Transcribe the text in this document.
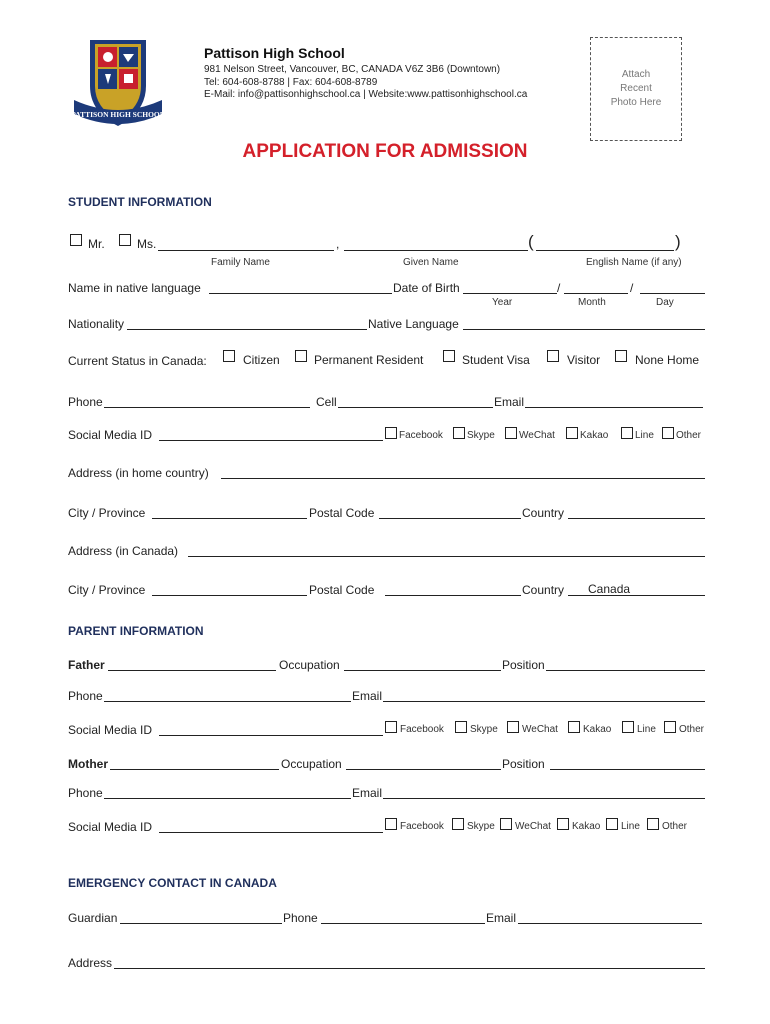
PATTISON HIGH SCHOOL
Pattison High School
981 Nelson Street, Vancouver, BC, CANADA V6Z 3B6 (Downtown)
Tel: 604-608-8788 | Fax: 604-608-8789
E-Mail: info@pattisonhighschool.ca | Website:www.pattisonhighschool.ca
Attach
Recent
Photo Here
APPLICATION FOR ADMISSION
STUDENT INFORMATION
Mr.	Ms.	,	(	)
Family Name	Given Name	English Name (if any)
Name in native language	Date of Birth	/	/
Year	Month	Day
Nationality	Native Language
Current Status in Canada:	Citizen	Permanent Resident	Student Visa	Visitor	None Home
Phone	Cell	Email
Social Media ID	Facebook Skype WeChat	Kakao	Line Other
Address (in home country)
City / Province	Postal Code	Country
Address (in Canada)
City / Province	Postal Code	Country Canada
PARENT INFORMATION
Father	Occupation	Position
Phone	Email
Social Media ID	Facebook	Skype WeChat	Kakao	Line Other
Mother	Occupation	Position
Phone	Email
Social Media ID	Facebook Skype WeChat Kakao Line Other
EMERGENCY CONTACT IN CANADA
Guardian	Phone	Email
Address
